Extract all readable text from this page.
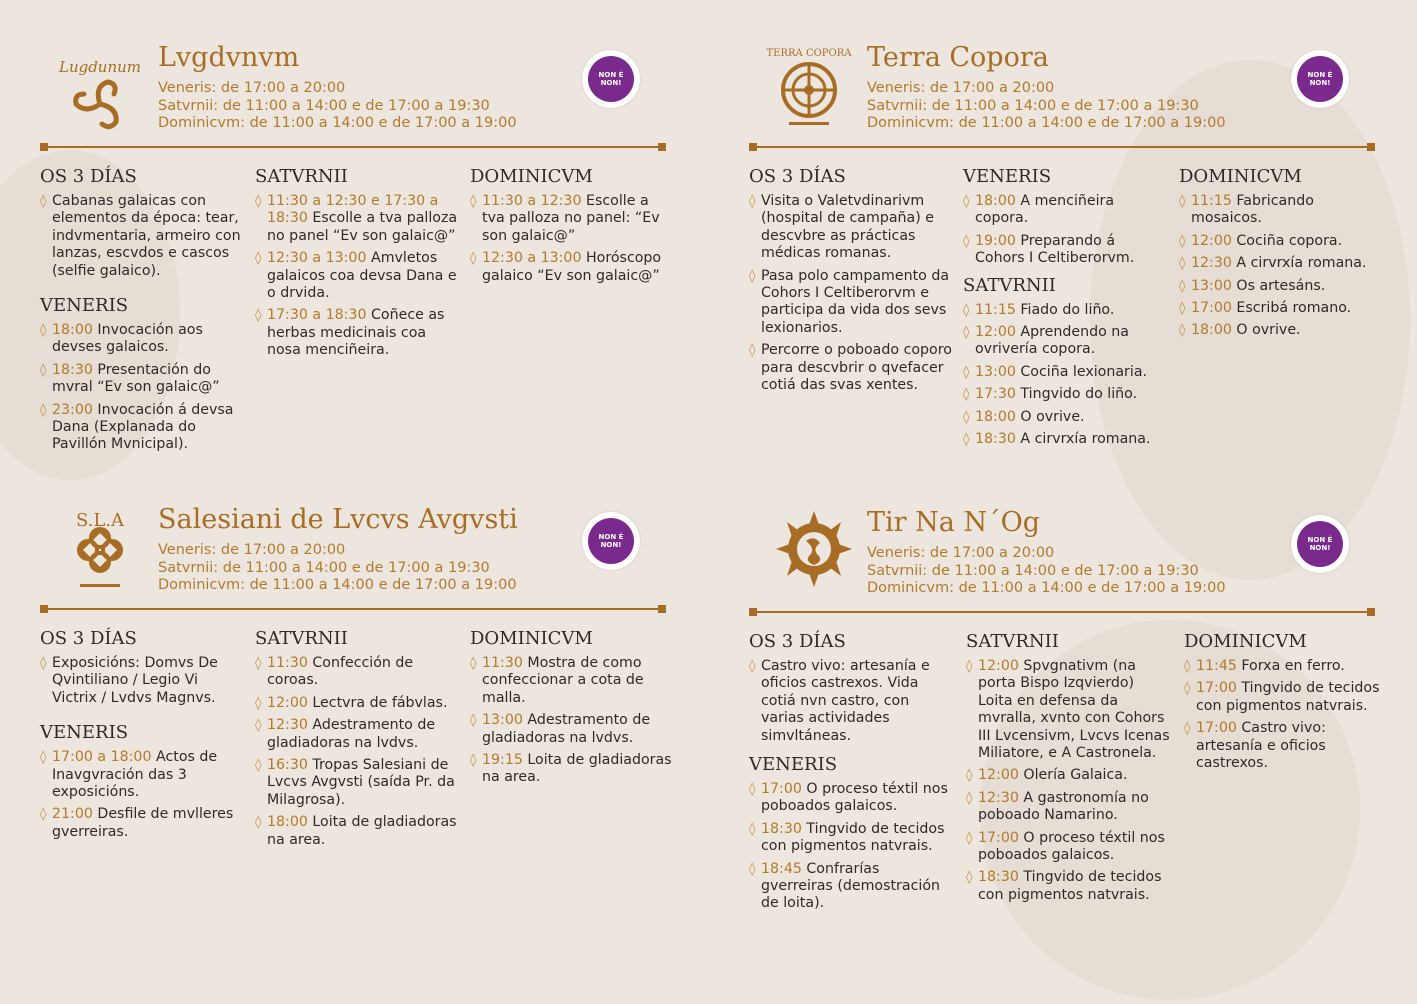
Lugdunum Lvgdvnvm
Veneris: de 17:00 a 20:00
Satvrnii: de 11:00 a 14:00 e de 17:00 a 19:30
Dominicvm: de 11:00 a 14:00 e de 17:00 a 19:00
NON É NON!
OS 3 DÍAS
◊ Cabanas galaicas con elementos da época: tear, indvmentaria, armeiro con lanzas, escvdos e cascos (selfie galaico).
VENERIS
◊ 18:00 Invocación aos devses galaicos.
◊ 18:30 Presentación do mvral “Ev son galaic@”
◊ 23:00 Invocación á devsa Dana (Explanada do Pavillón Mvnicipal).
SATVRNII
◊ 11:30 a 12:30 e 17:30 a 18:30 Escolle a tva palloza no panel “Ev son galaic@”
◊ 12:30 a 13:00 Amvletos galaicos coa devsa Dana e o drvida.
◊ 17:30 a 18:30 Coñece as herbas medicinais coa nosa menciñeira.
DOMINICVM
◊ 11:30 a 12:30 Escolle a tva palloza no panel: “Ev son galaic@”
◊ 12:30 a 13:00 Horóscopo galaico “Ev son galaic@”
TERRA COPORA Terra Copora
Veneris: de 17:00 a 20:00
Satvrnii: de 11:00 a 14:00 e de 17:00 a 19:30
Dominicvm: de 11:00 a 14:00 e de 17:00 a 19:00
NON É NON!
OS 3 DÍAS
◊ Visita o Valetvdinarivm (hospital de campaña) e descvbre as prácticas médicas romanas.
◊ Pasa polo campamento da Cohors I Celtiberorvm e participa da vida dos sevs lexionarios.
◊ Percorre o poboado coporo para descvbrir o qvefacer cotiá das svas xentes.
VENERIS
◊ 18:00 A menciñeira copora.
◊ 19:00 Preparando á Cohors I Celtiberorvm.
SATVRNII
◊ 11:15 Fiado do liño.
◊ 12:00 Aprendendo na ovrivería copora.
◊ 13:00 Cociña lexionaria.
◊ 17:30 Tingvido do liño.
◊ 18:00 O ovrive.
◊ 18:30 A cirvrxía romana.
DOMINICVM
◊ 11:15 Fabricando mosaicos.
◊ 12:00 Cociña copora.
◊ 12:30 A cirvrxía romana.
◊ 13:00 Os artesáns.
◊ 17:00 Escribá romano.
◊ 18:00 O ovrive.
S.L.A Salesiani de Lvcvs Avgvsti
Veneris: de 17:00 a 20:00
Satvrnii: de 11:00 a 14:00 e de 17:00 a 19:30
Dominicvm: de 11:00 a 14:00 e de 17:00 a 19:00
NON É NON!
OS 3 DÍAS
◊ Exposicións: Domvs De Qvintiliano / Legio Vi Victrix / Lvdvs Magnvs.
VENERIS
◊ 17:00 a 18:00 Actos de Inavgvración das 3 exposicións.
◊ 21:00 Desfile de mvlleres gverreiras.
SATVRNII
◊ 11:30 Confección de coroas.
◊ 12:00 Lectvra de fábvlas.
◊ 12:30 Adestramento de gladiadoras na lvdvs.
◊ 16:30 Tropas Salesiani de Lvcvs Avgvsti (saída Pr. da Milagrosa).
◊ 18:00 Loita de gladiadoras na area.
DOMINICVM
◊ 11:30 Mostra de como confeccionar a cota de malla.
◊ 13:00 Adestramento de gladiadoras na lvdvs.
◊ 19:15 Loita de gladiadoras na area.
Tir Na N´Og
Veneris: de 17:00 a 20:00
Satvrnii: de 11:00 a 14:00 e de 17:00 a 19:30
Dominicvm: de 11:00 a 14:00 e de 17:00 a 19:00
NON É NON!
OS 3 DÍAS
◊ Castro vivo: artesanía e oficios castrexos. Vida cotiá nvn castro, con varias actividades simvltáneas.
VENERIS
◊ 17:00 O proceso téxtil nos poboados galaicos.
◊ 18:30 Tingvido de tecidos con pigmentos natvrais.
◊ 18:45 Confrarías gverreiras (demostración de loita).
SATVRNII
◊ 12:00 Spvgnativm (na porta Bispo Izqvierdo) Loita en defensa da mvralla, xvnto con Cohors III Lvcensivm, Lvcvs Icenas Miliatore, e A Castronela.
◊ 12:00 Olería Galaica.
◊ 12:30 A gastronomía no poboado Namarino.
◊ 17:00 O proceso téxtil nos poboados galaicos.
◊ 18:30 Tingvido de tecidos con pigmentos natvrais.
DOMINICVM
◊ 11:45 Forxa en ferro.
◊ 17:00 Tingvido de tecidos con pigmentos natvrais.
◊ 17:00 Castro vivo: artesanía e oficios castrexos.
